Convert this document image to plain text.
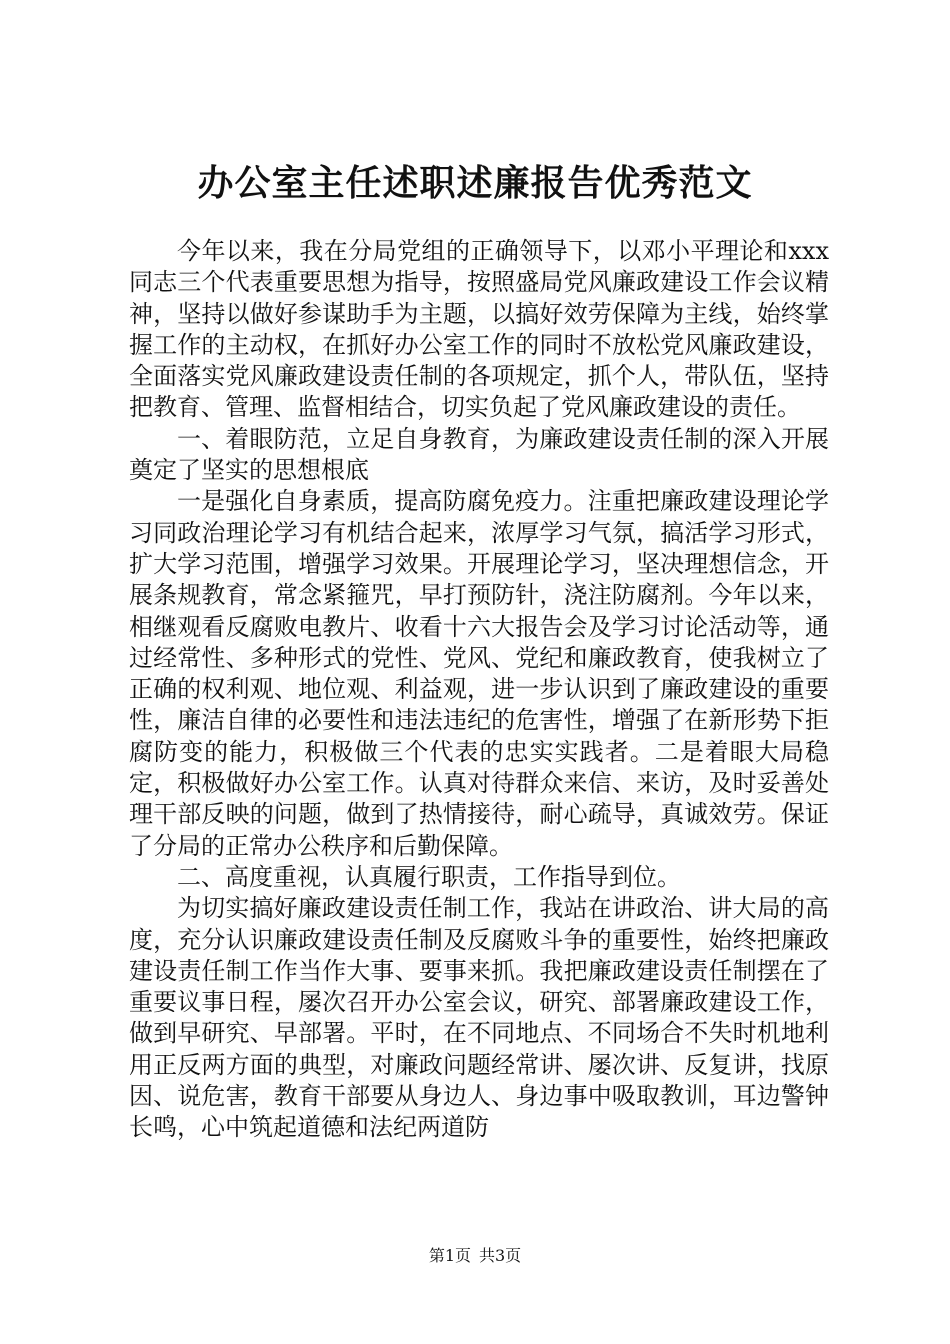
办公室主任述职述廉报告优秀范文

今年以来，我在分局党组的正确领导下，以邓小平理论和xxx同志三个代表重要思想为指导，按照盛局党风廉政建设工作会议精神，坚持以做好参谋助手为主题，以搞好效劳保障为主线，始终掌握工作的主动权，在抓好办公室工作的同时不放松党风廉政建设，全面落实党风廉政建设责任制的各项规定，抓个人，带队伍，坚持把教育、管理、监督相结合，切实负起了党风廉政建设的责任。

一、着眼防范，立足自身教育，为廉政建设责任制的深入开展奠定了坚实的思想根底

一是强化自身素质，提高防腐免疫力。注重把廉政建设理论学习同政治理论学习有机结合起来，浓厚学习气氛，搞活学习形式，扩大学习范围，增强学习效果。开展理论学习，坚决理想信念，开展条规教育，常念紧箍咒，早打预防针，浇注防腐剂。今年以来，相继观看反腐败电教片、收看十六大报告会及学习讨论活动等，通过经常性、多种形式的党性、党风、党纪和廉政教育，使我树立了正确的权利观、地位观、利益观，进一步认识到了廉政建设的重要性，廉洁自律的必要性和违法违纪的危害性，增强了在新形势下拒腐防变的能力，积极做三个代表的忠实实践者。二是着眼大局稳定，积极做好办公室工作。认真对待群众来信、来访，及时妥善处理干部反映的问题，做到了热情接待，耐心疏导，真诚效劳。保证了分局的正常办公秩序和后勤保障。

二、高度重视，认真履行职责，工作指导到位。

为切实搞好廉政建设责任制工作，我站在讲政治、讲大局的高度，充分认识廉政建设责任制及反腐败斗争的重要性，始终把廉政建设责任制工作当作大事、要事来抓。我把廉政建设责任制摆在了重要议事日程，屡次召开办公室会议，研究、部署廉政建设工作，做到早研究、早部署。平时，在不同地点、不同场合不失时机地利用正反两方面的典型，对廉政问题经常讲、屡次讲、反复讲，找原因、说危害，教育干部要从身边人、身边事中吸取教训，耳边警钟长鸣，心中筑起道德和法纪两道防

第1页 共3页
